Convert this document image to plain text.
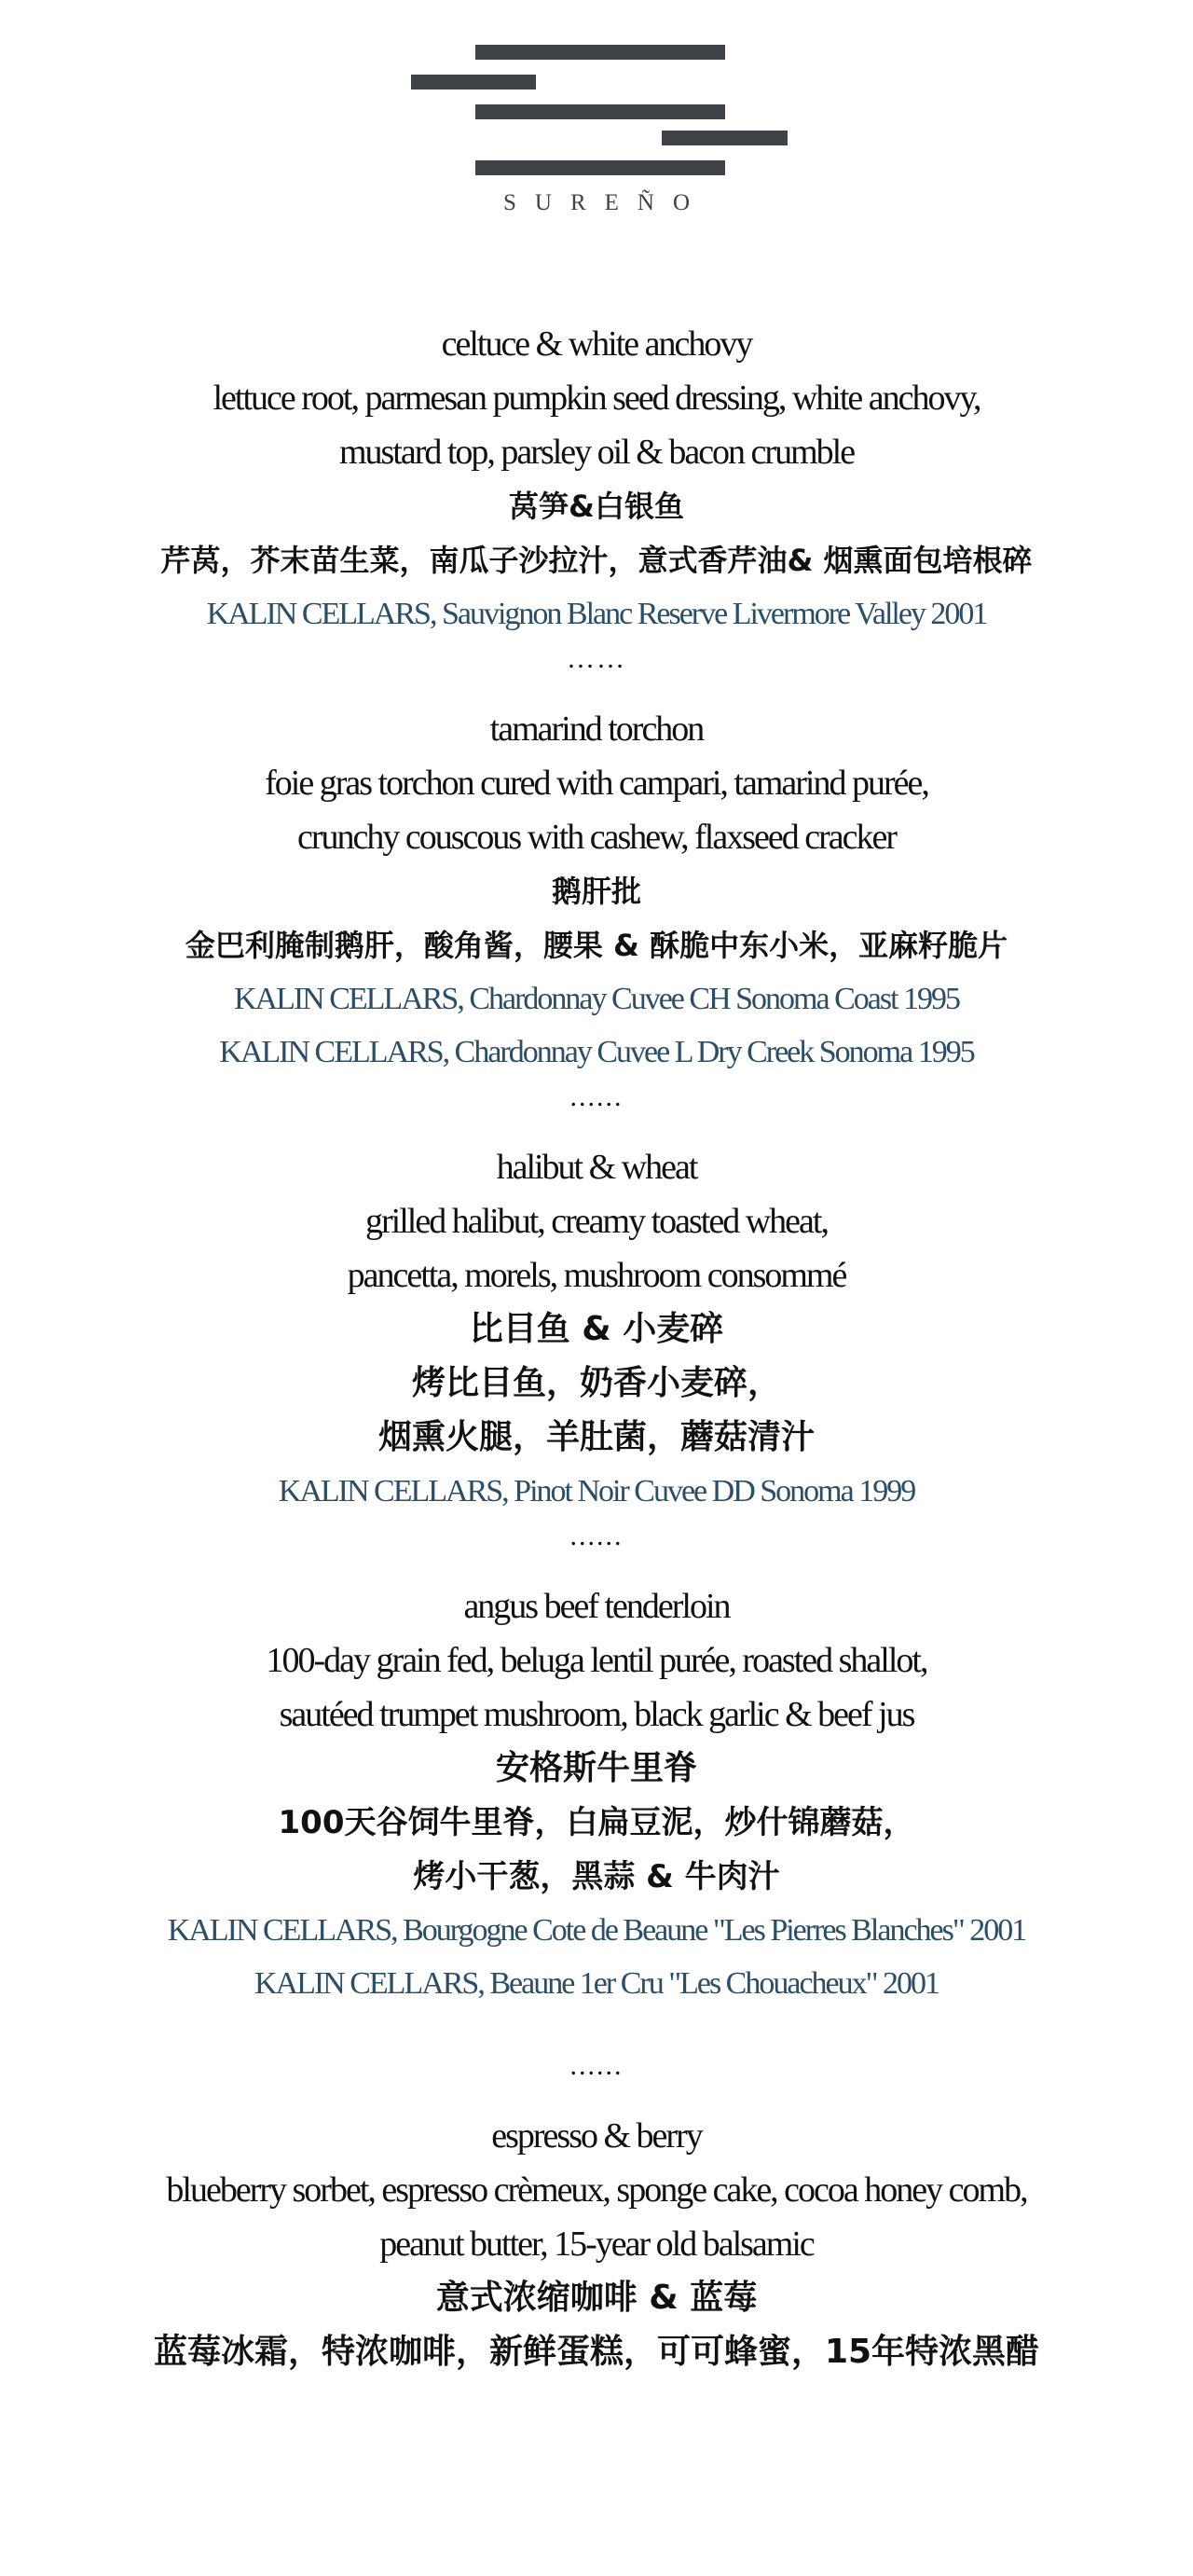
SUREÑO

celtuce & white anchovy

lettuce root, parmesan pumpkin seed dressing, white anchovy,

mustard top, parsley oil & bacon crumble

莴笋&白银鱼

芹莴，芥末苗生菜，南瓜子沙拉汁，意式香芹油& 烟熏面包培根碎

KALIN CELLARS, Sauvignon Blanc Reserve Livermore Valley 2001

……

tamarind torchon

foie gras torchon cured with campari, tamarind purée,

crunchy couscous with cashew, flaxseed cracker

鹅肝批

金巴利腌制鹅肝，酸角酱，腰果 & 酥脆中东小米，亚麻籽脆片

KALIN CELLARS, Chardonnay Cuvee CH Sonoma Coast 1995

KALIN CELLARS, Chardonnay Cuvee L Dry Creek Sonoma 1995

......

halibut & wheat

grilled halibut, creamy toasted wheat,

pancetta, morels, mushroom consommé

比目鱼 & 小麦碎

烤比目鱼，奶香小麦碎，

烟熏火腿，羊肚菌，蘑菇清汁

KALIN CELLARS, Pinot Noir Cuvee DD Sonoma 1999

......

angus beef tenderloin

100-day grain fed, beluga lentil purée, roasted shallot,

sautéed trumpet mushroom, black garlic & beef jus

安格斯牛里脊

100天谷饲牛里脊，白扁豆泥，炒什锦蘑菇，

烤小干葱，黑蒜 & 牛肉汁

KALIN CELLARS, Bourgogne Cote de Beaune "Les Pierres Blanches" 2001

KALIN CELLARS, Beaune 1er Cru "Les Chouacheux" 2001

......

espresso & berry

blueberry sorbet, espresso crèmeux, sponge cake, cocoa honey comb,

peanut butter, 15-year old balsamic

意式浓缩咖啡 & 蓝莓

蓝莓冰霜，特浓咖啡，新鲜蛋糕，可可蜂蜜，15年特浓黑醋
